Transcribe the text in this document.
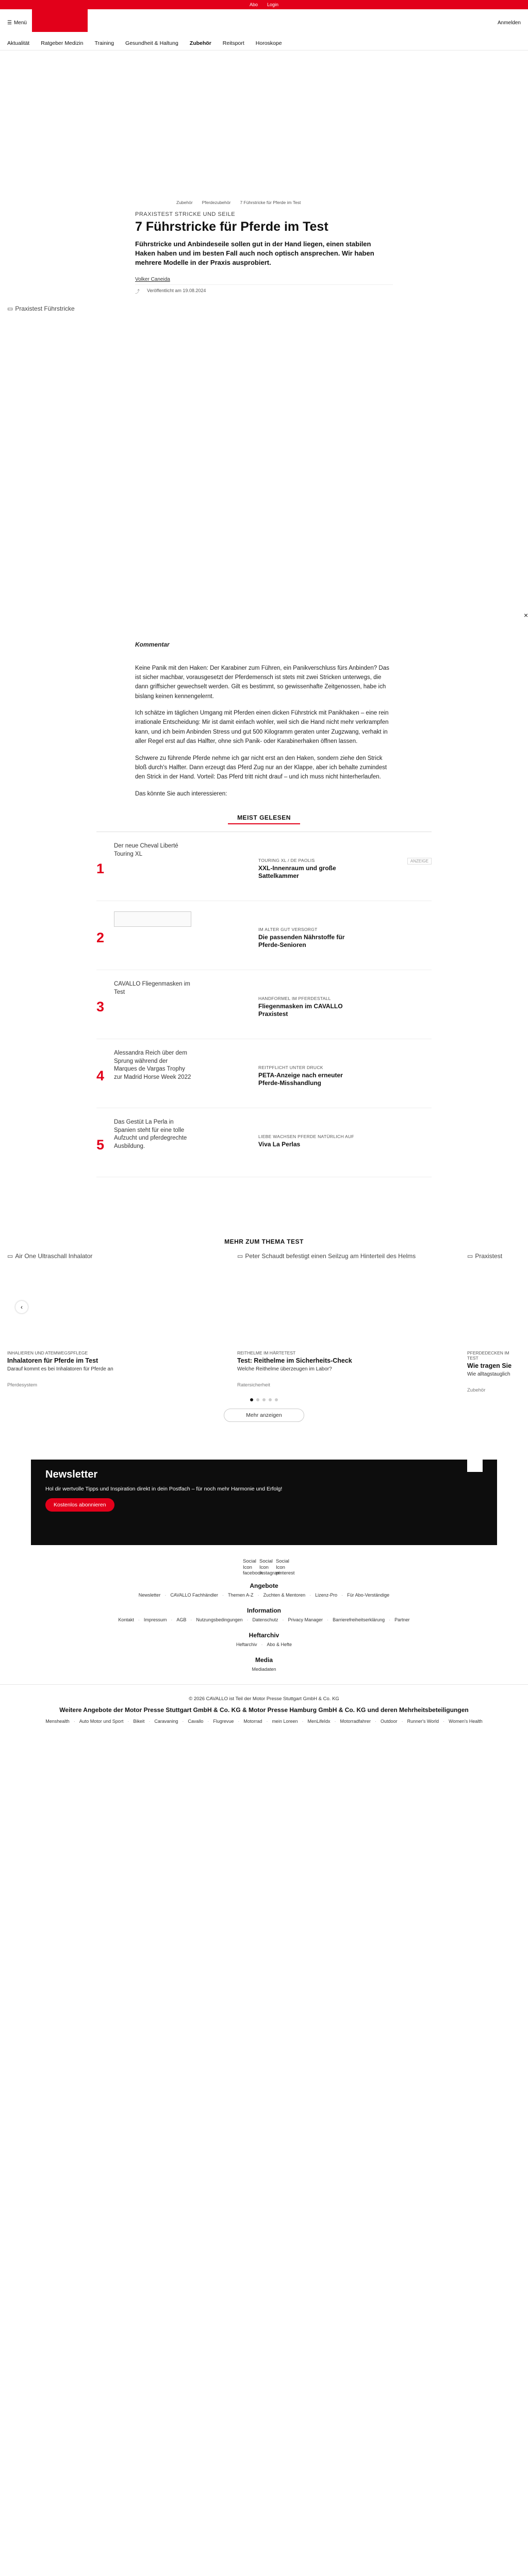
Abo Login
☰ Menü	Anmelden
Aktualität Ratgeber Medizin Training Gesundheit & Haltung Zubehör Reitsport Horoskope
Zubehör Pferdezubehör 7 Führstricke für Pferde im Test
PRAXISTEST STRICKE UND SEILE
7 Führstricke für Pferde im Test

Führstricke und Anbindeseile sollen gut in der Hand liegen, einen stabilen Haken haben und im besten Fall auch noch optisch ansprechen. Wir haben mehrere Modelle in der Praxis ausprobiert.

Volker Caneida
⤴ Veröffentlicht am 19.08.2024
▭ Praxistest Führstricke
×
Kommentar

Keine Panik mit den Haken: Der Karabiner zum Führen, ein Panikverschluss fürs Anbinden? Das ist sicher machbar, vorausgesetzt der Pferdemensch ist stets mit zwei Stricken unterwegs, die dann griffsicher gewechselt werden. Gilt es bestimmt, so gewissenhafte Zeitgenossen, habe ich bislang keinen kennengelernt.

Ich schätze im täglichen Umgang mit Pferden einen dicken Führstrick mit Panikhaken – eine rein irrationale Entscheidung: Mir ist damit einfach wohler, weil sich die Hand nicht mehr verkrampfen kann, und ich beim Anbinden Stress und gut 500 Kilogramm geraten unter Zugzwang, verhakt in aller Regel erst auf das Halfter, ohne sich Panik- oder Karabinerhaken öffnen lassen.

Schwere zu führende Pferde nehme ich gar nicht erst an den Haken, sondern ziehe den Strick bloß durch's Halfter. Dann erzeugt das Pferd Zug nur an der Klappe, aber ich behalte zumindest den Strick in der Hand. Vorteil: Das Pferd tritt nicht drauf – und ich muss nicht hinterherlaufen.

Das könnte Sie auch interessieren:

MEIST GELESEN
1
Der neue Cheval Liberté Touring XL
TOURING XL / DE PAOLIS
XXL-Innenraum und große Sattelkammer
ANZEIGE
2
IM ALTER GUT VERSORGT
Die passenden Nährstoffe für Pferde-Senioren
3
CAVALLO Fliegenmasken im Test
HANDFORMEL IM PFERDESTALL
Fliegenmasken im CAVALLO Praxistest
4
Alessandra Reich über dem Sprung während der Marques de Vargas Trophy zur Madrid Horse Week 2022
REITPFLICHT UNTER DRUCK
PETA-Anzeige nach erneuter Pferde-Misshandlung
5
Das Gestüt La Perla in Spanien steht für eine tolle Aufzucht und pferdegrechte Ausbildung.
LIEBE WACHSEN PFERDE NATÜRLICH AUF
Viva La Perlas
MEHR ZUM THEMA TEST
▭ Air One Ultraschall Inhalator
INHALIEREN UND ATEMWEGSPFLEGE
Inhalatoren für Pferde im Test
Darauf kommt es bei Inhalatoren für Pferde an
Pferdesystem
▭ Peter Schaudt befestigt einen Seilzug am Hinterteil des Helms
REITHELME IM HÄRTETEST
Test: Reithelme im Sicherheits-Check
Welche Reithelme überzeugen im Labor?
Ratersicherheit
▭ Praxistest
PFERDEDECKEN IM TEST
Wie tragen Sie
Wie alltagstauglich
Zubehör
‹
Mehr anzeigen
Newsletter

Hol dir wertvolle Tipps und Inspiration direkt in dein Postfach – für noch mehr Harmonie und Erfolg!

Kostenlos abonnieren
Social Icon facebook
Social Icon instagram
Social Icon pinterest
Angebote
Newsletter	· CAVALLO Fachhändler	· Themen A-Z	· Zuchten & Mentoren	· Lizenz-Pro	· Für Abo-Verständige
Information
Kontakt	· Impressum	· AGB	· Nutzungsbedingungen	· Datenschutz	· Privacy Manager	· Barrierefreiheitserklärung	· Partner
Heftarchiv
Heftarchiv	· Abo & Hefte
Media
Mediadaten
© 2026 CAVALLO ist Teil der Motor Presse Stuttgart GmbH & Co. KG
Weitere Angebote der Motor Presse Stuttgart GmbH & Co. KG & Motor Presse Hamburg GmbH & Co. KG und deren Mehrheitsbeteiligungen
Menshealth	· Auto Motor und Sport	· Bikeit	· Caravaning	· Cavallo	· Flugrevue	· Motorrad	· mein Loreen	· MenLifeIdx	· Motorradfahrer	· Outdoor	· Runner's World	· Women's Health
